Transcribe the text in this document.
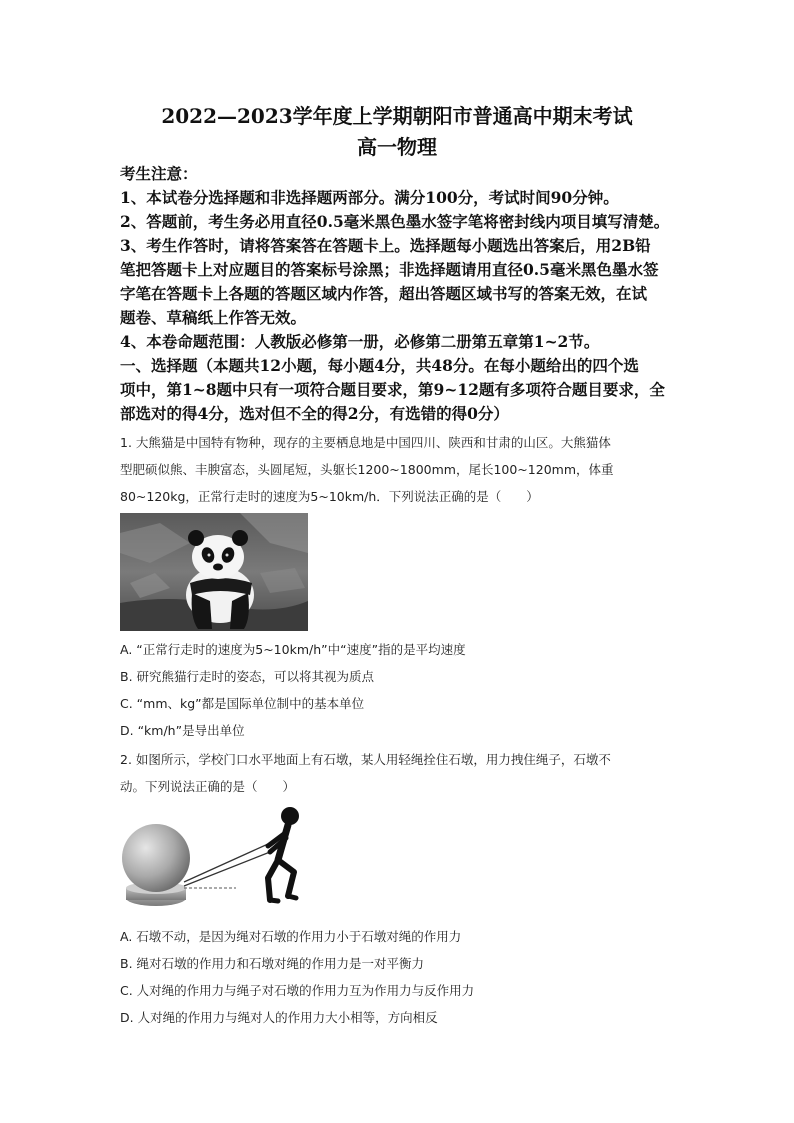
2022—2023学年度上学期朝阳市普通高中期末考试
高一物理
考生注意：
1、本试卷分选择题和非选择题两部分。满分100分，考试时间90分钟。
2、答题前，考生务必用直径0.5毫米黑色墨水签字笔将密封线内项目填写清楚。
3、考生作答时，请将答案答在答题卡上。选择题每小题选出答案后，用2B铅
笔把答题卡上对应题目的答案标号涂黑；非选择题请用直径0.5毫米黑色墨水签
字笔在答题卡上各题的答题区域内作答，超出答题区域书写的答案无效，在试
题卷、草稿纸上作答无效。
4、本卷命题范围：人教版必修第一册，必修第二册第五章第1~2节。
一、选择题（本题共12小题，每小题4分，共48分。在每小题给出的四个选
项中，第1~8题中只有一项符合题目要求，第9~12题有多项符合题目要求，全
部选对的得4分，选对但不全的得2分，有选错的得0分）
1. 大熊猫是中国特有物种，现存的主要栖息地是中国四川、陕西和甘肃的山区。大熊猫体
型肥硕似熊、丰腴富态，头圆尾短，头躯长1200~1800mm，尾长100~120mm，体重
80~120kg，正常行走时的速度为5~10km/h．下列说法正确的是（　　）
A. “正常行走时的速度为5~10km/h”中“速度”指的是平均速度
B. 研究熊猫行走时的姿态，可以将其视为质点
C. “mm、kg”都是国际单位制中的基本单位
D. “km/h”是导出单位
2. 如图所示，学校门口水平地面上有石墩，某人用轻绳拴住石墩，用力拽住绳子，石墩不
动。下列说法正确的是（　　）
A. 石墩不动，是因为绳对石墩的作用力小于石墩对绳的作用力
B. 绳对石墩的作用力和石墩对绳的作用力是一对平衡力
C. 人对绳的作用力与绳子对石墩的作用力互为作用力与反作用力
D. 人对绳的作用力与绳对人的作用力大小相等，方向相反
